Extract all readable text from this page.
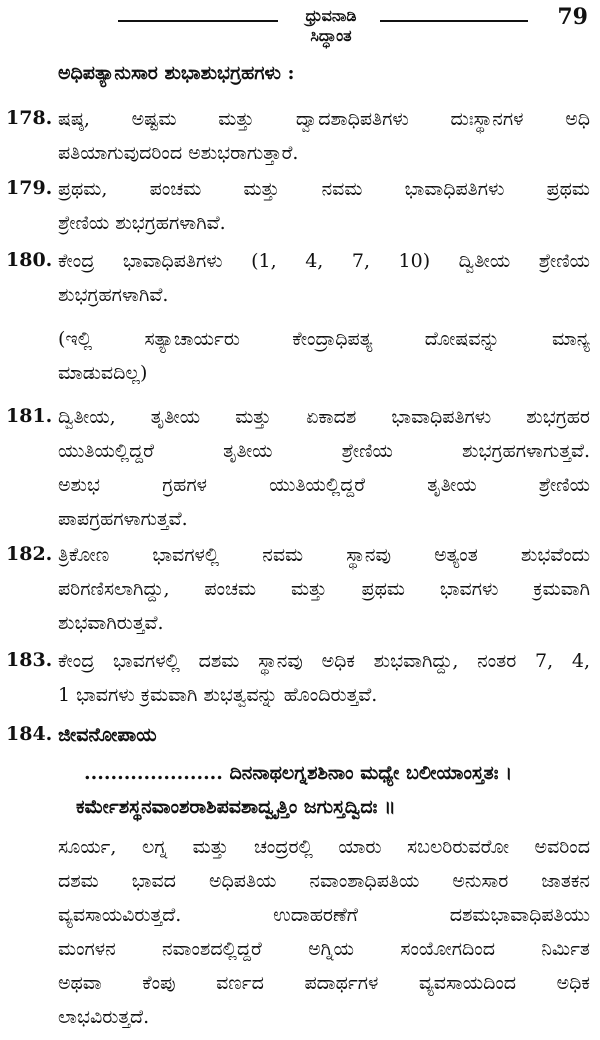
ಧ್ರುವನಾಡಿ ಸಿದ್ಧಾಂತ
79
ಅಧಿಪತ್ಯಾನುಸಾರ ಶುಭಾಶುಭಗ್ರಹಗಳು :
178. ಷಷ್ಠ, ಅಷ್ಟಮ ಮತ್ತು ದ್ವಾದಶಾಧಿಪತಿಗಳು ದುಃಸ್ಥಾನಗಳ ಅಧಿ
ಪತಿಯಾಗುವುದರಿಂದ ಅಶುಭರಾಗುತ್ತಾರೆ.
179. ಪ್ರಥಮ, ಪಂಚಮ ಮತ್ತು ನವಮ ಭಾವಾಧಿಪತಿಗಳು ಪ್ರಥಮ
ಶ್ರೇಣಿಯ ಶುಭಗ್ರಹಗಳಾಗಿವೆ.
180. ಕೇಂದ್ರ ಭಾವಾಧಿಪತಿಗಳು (1, 4, 7, 10) ದ್ವಿತೀಯ ಶ್ರೇಣಿಯ
ಶುಭಗ್ರಹಗಳಾಗಿವೆ.
(ಇಲ್ಲಿ ಸತ್ಯಾಚಾರ್ಯರು ಕೇಂದ್ರಾಧಿಪತ್ಯ ದೋಷವನ್ನು ಮಾನ್ಯ
ಮಾಡುವದಿಲ್ಲ)
181. ದ್ವಿತೀಯ, ತೃತೀಯ ಮತ್ತು ಏಕಾದಶ ಭಾವಾಧಿಪತಿಗಳು ಶುಭಗ್ರಹರ
ಯುತಿಯಲ್ಲಿದ್ದರೆ ತೃತೀಯ ಶ್ರೇಣಿಯ ಶುಭಗ್ರಹಗಳಾಗುತ್ತವೆ.
ಅಶುಭ ಗ್ರಹಗಳ ಯುತಿಯಲ್ಲಿದ್ದರೆ ತೃತೀಯ ಶ್ರೇಣಿಯ
ಪಾಪಗ್ರಹಗಳಾಗುತ್ತವೆ.
182. ತ್ರಿಕೋಣ ಭಾವಗಳಲ್ಲಿ ನವಮ ಸ್ಥಾನವು ಅತ್ಯಂತ ಶುಭವೆಂದು
ಪರಿಗಣಿಸಲಾಗಿದ್ದು, ಪಂಚಮ ಮತ್ತು ಪ್ರಥಮ ಭಾವಗಳು ಕ್ರಮವಾಗಿ
ಶುಭವಾಗಿರುತ್ತವೆ.
183. ಕೇಂದ್ರ ಭಾವಗಳಲ್ಲಿ ದಶಮ ಸ್ಥಾನವು ಅಧಿಕ ಶುಭವಾಗಿದ್ದು, ನಂತರ 7, 4,
1 ಭಾವಗಳು ಕ್ರಮವಾಗಿ ಶುಭತ್ವವನ್ನು ಹೊಂದಿರುತ್ತವೆ.
184. ಜೀವನೋಪಾಯ
..................... ದಿನನಾಥಲಗ್ನಶಶಿನಾಂ ಮಧ್ಯೇ ಬಲೀಯಾಂಸ್ತತಃ ।
ಕರ್ಮೇಶಸ್ಥನವಾಂಶರಾಶಿಪವಶಾದ್ವೃತ್ತಿಂ ಜಗುಸ್ತದ್ವಿದಃ ॥
ಸೂರ್ಯ, ಲಗ್ನ ಮತ್ತು ಚಂದ್ರರಲ್ಲಿ ಯಾರು ಸಬಲರಿರುವರೋ ಅವರಿಂದ
ದಶಮ ಭಾವದ ಅಧಿಪತಿಯ ನವಾಂಶಾಧಿಪತಿಯ ಅನುಸಾರ ಜಾತಕನ
ವ್ಯವಸಾಯವಿರುತ್ತದೆ. ಉದಾಹರಣೆಗೆ ದಶಮಭಾವಾಧಿಪತಿಯು
ಮಂಗಳನ ನವಾಂಶದಲ್ಲಿದ್ದರೆ ಅಗ್ನಿಯ ಸಂಯೋಗದಿಂದ ನಿರ್ಮಿತ
ಅಥವಾ ಕೆಂಪು ವರ್ಣದ ಪದಾರ್ಥಗಳ ವ್ಯವಸಾಯದಿಂದ ಅಧಿಕ
ಲಾಭವಿರುತ್ತದೆ.
